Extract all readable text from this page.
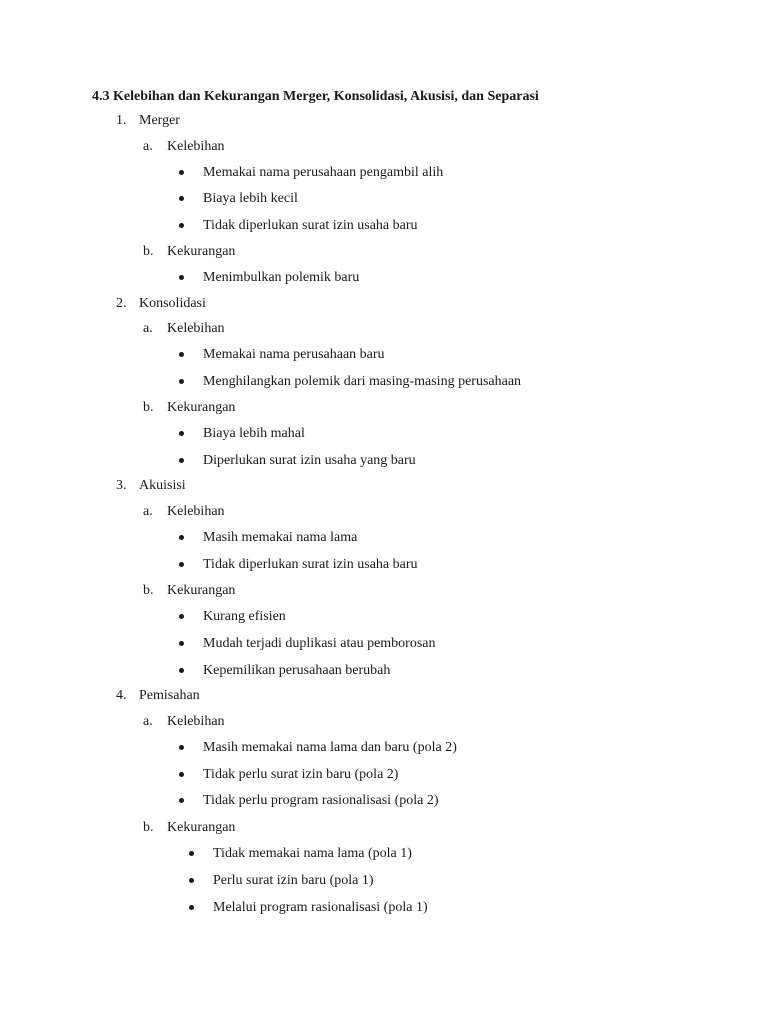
4.3 Kelebihan dan Kekurangan Merger, Konsolidasi, Akusisi, dan Separasi
1. Merger
a. Kelebihan
Memakai nama perusahaan pengambil alih
Biaya lebih kecil
Tidak diperlukan surat izin usaha baru
b. Kekurangan
Menimbulkan polemik baru
2. Konsolidasi
a. Kelebihan
Memakai nama perusahaan baru
Menghilangkan polemik dari masing-masing perusahaan
b. Kekurangan
Biaya lebih mahal
Diperlukan surat izin usaha yang baru
3. Akuisisi
a. Kelebihan
Masih memakai nama lama
Tidak diperlukan surat izin usaha baru
b. Kekurangan
Kurang efisien
Mudah terjadi duplikasi atau pemborosan
Kepemilikan perusahaan berubah
4. Pemisahan
a. Kelebihan
Masih memakai nama lama dan baru (pola 2)
Tidak perlu surat izin baru (pola 2)
Tidak perlu program rasionalisasi (pola 2)
b. Kekurangan
Tidak memakai nama lama (pola 1)
Perlu surat izin baru (pola 1)
Melalui program rasionalisasi (pola 1)
